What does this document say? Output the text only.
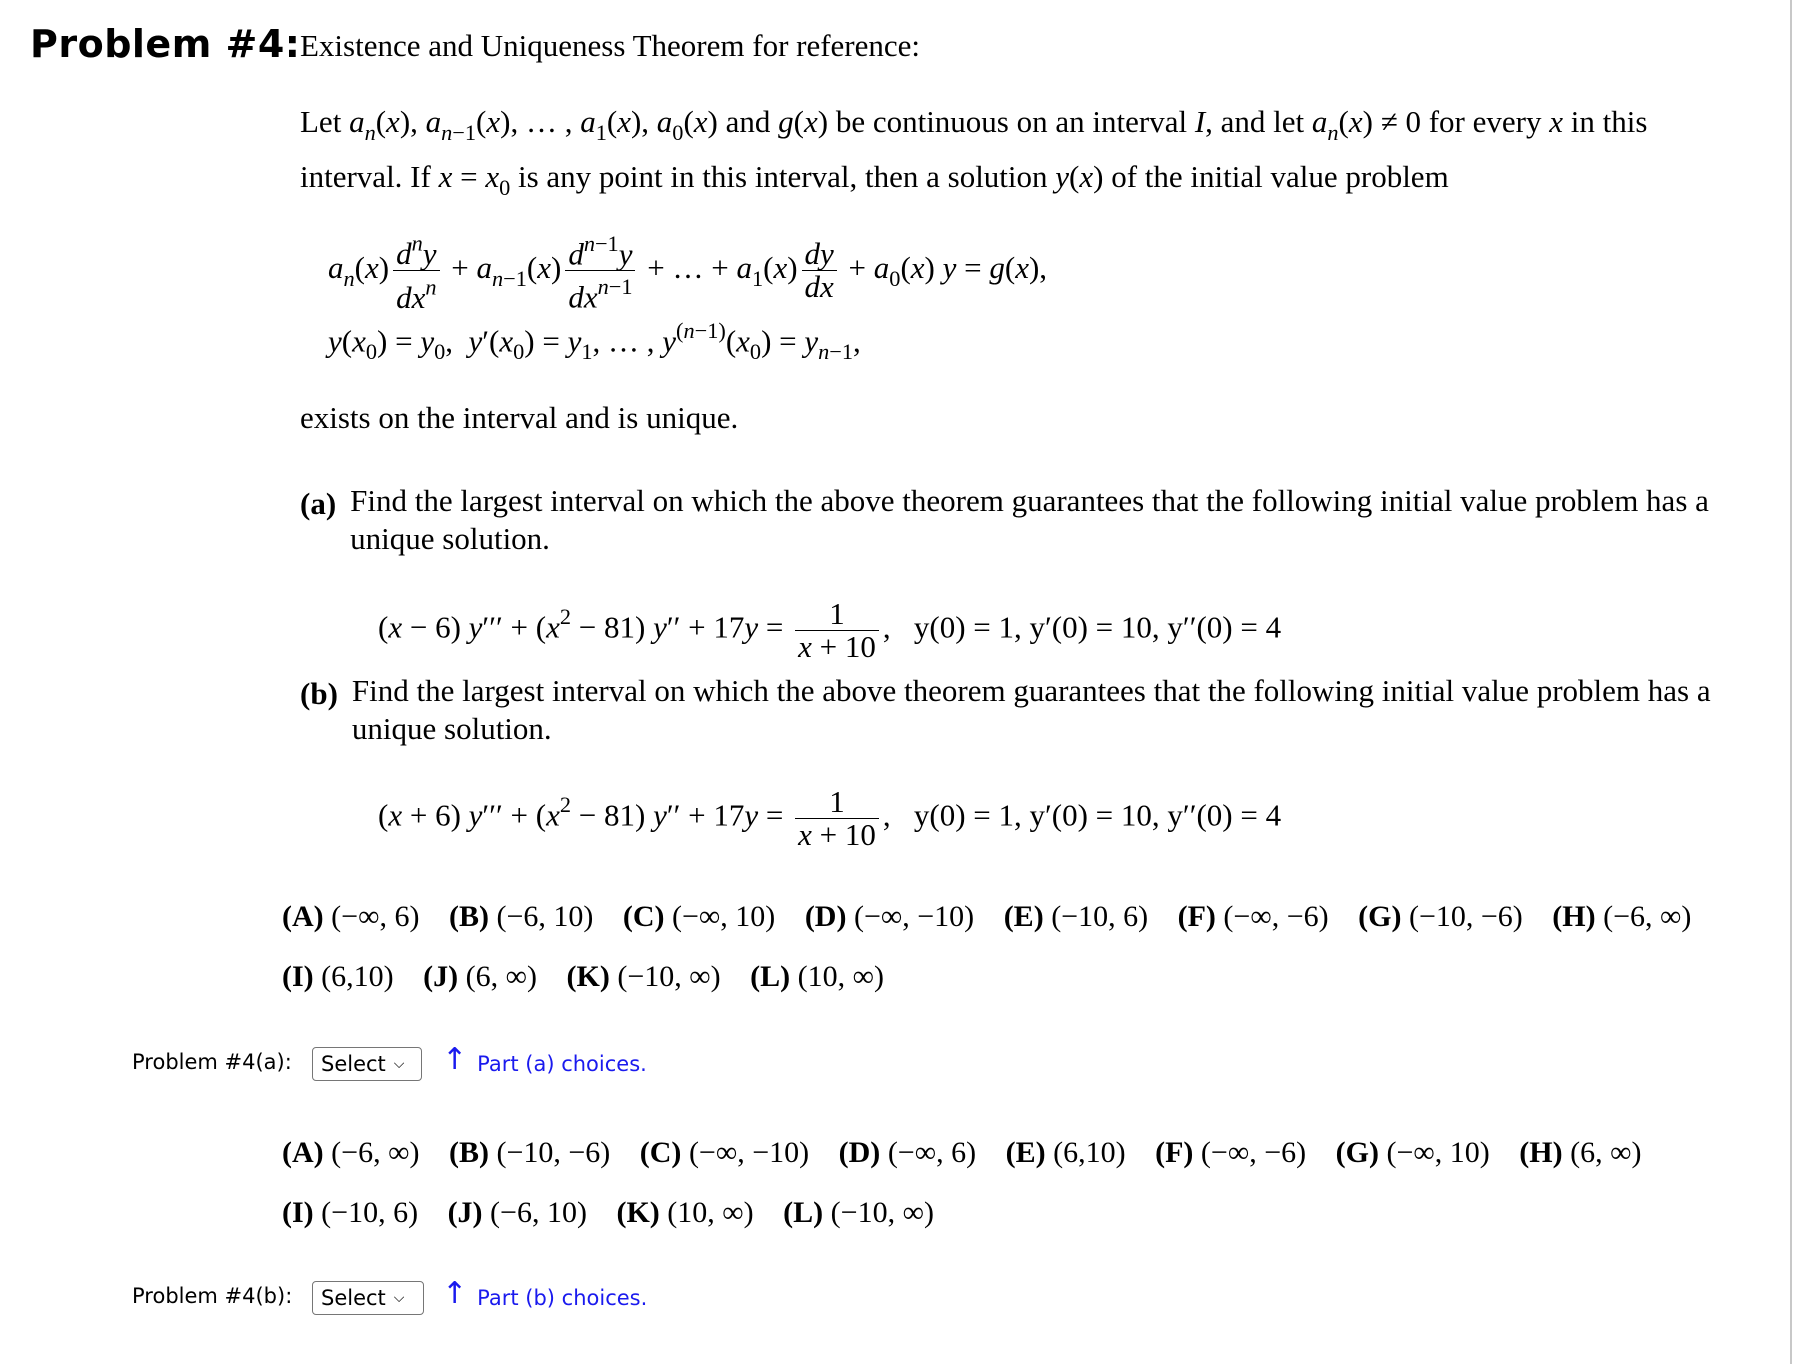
Problem #4: Existence and Uniqueness Theorem for reference:
Let $a_n(x)$, $a_{n-1}(x)$, … , $a_1(x)$, $a_0(x)$ and g(x) be continuous on an interval I, and let $a_n(x) \ne 0$ for every x in this
interval. If $x = x_0$ is any point in this interval, then a solution y(x) of the initial value problem
$a_n(x) \frac{d^ny}{dx^n} + a_{n-1}(x) \frac{d^{n-1}y}{dx^{n-1}}$ + … + $a_1(x) \frac{dy}{dx} + a_0(x) y = g(x)$,
$y(x_0) = y_0$,  $y'(x_0) = y_1$, … , $y^{(n-1)}(x_0) = y_{n-1}$,
exists on the interval and is unique.
(a) Find the largest interval on which the above theorem guarantees that the following initial value problem has a unique solution.
(x − 6) $y''' + (x^2 - 81) y'' + 17y = \frac{1}{x + 10}$ ,   y(0) = 1, y′(0) = 10, y′′(0) = 4
(b) Find the largest interval on which the above theorem guarantees that the following initial value problem has a unique solution.
(x + 6) $y''' + (x^2 - 81) y'' + 17y = \frac{1}{x + 10}$ ,   y(0) = 1, y′(0) = 10, y′′(0) = 4
(A) (−∞, 6) (B) (−6, 10) (C) (−∞, 10) (D) (−∞, −10) (E) (−10, 6) (F) (−∞, −6) (G) (−10, −6) (H) (−6, ∞)
(I) (6,10) (J) (6, ∞) (K) (−10, ∞) (L) (10, ∞)
Problem #4(a): Select ⌵ ↑ Part (a) choices.
(A) (−6, ∞) (B) (−10, −6) (C) (−∞, −10) (D) (−∞, 6) (E) (6,10) (F) (−∞, −6) (G) (−∞, 10) (H) (6, ∞)
(I) (−10, 6) (J) (−6, 10) (K) (10, ∞) (L) (−10, ∞)
Problem #4(b): Select ⌵ ↑ Part (b) choices.
